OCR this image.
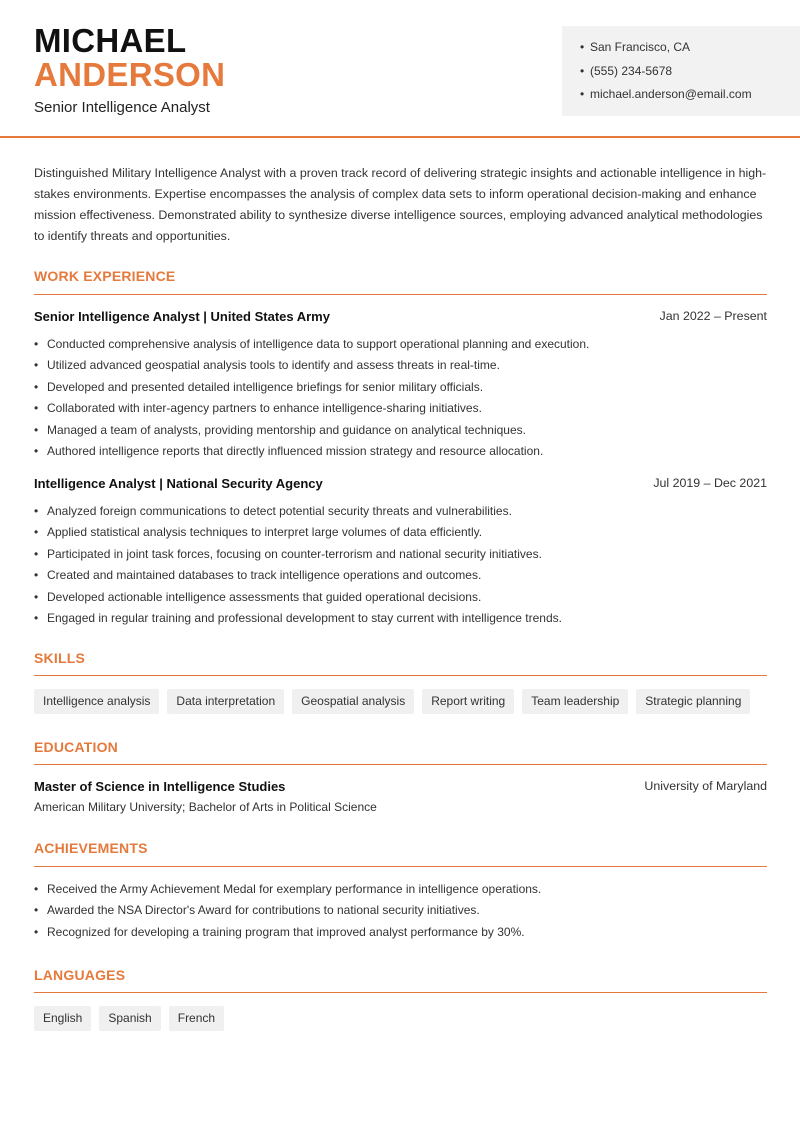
MICHAEL
ANDERSON
Senior Intelligence Analyst
• San Francisco, CA
• (555) 234-5678
• michael.anderson@email.com
Distinguished Military Intelligence Analyst with a proven track record of delivering strategic insights and actionable intelligence in high-stakes environments. Expertise encompasses the analysis of complex data sets to inform operational decision-making and enhance mission effectiveness. Demonstrated ability to synthesize diverse intelligence sources, employing advanced analytical methodologies to identify threats and opportunities.
WORK EXPERIENCE
Senior Intelligence Analyst | United States Army	Jan 2022 – Present
• Conducted comprehensive analysis of intelligence data to support operational planning and execution.
• Utilized advanced geospatial analysis tools to identify and assess threats in real-time.
• Developed and presented detailed intelligence briefings for senior military officials.
• Collaborated with inter-agency partners to enhance intelligence-sharing initiatives.
• Managed a team of analysts, providing mentorship and guidance on analytical techniques.
• Authored intelligence reports that directly influenced mission strategy and resource allocation.
Intelligence Analyst | National Security Agency	Jul 2019 – Dec 2021
• Analyzed foreign communications to detect potential security threats and vulnerabilities.
• Applied statistical analysis techniques to interpret large volumes of data efficiently.
• Participated in joint task forces, focusing on counter-terrorism and national security initiatives.
• Created and maintained databases to track intelligence operations and outcomes.
• Developed actionable intelligence assessments that guided operational decisions.
• Engaged in regular training and professional development to stay current with intelligence trends.
SKILLS
Intelligence analysis	Data interpretation	Geospatial analysis	Report writing	Team leadership	Strategic planning
EDUCATION
Master of Science in Intelligence Studies	University of Maryland
American Military University; Bachelor of Arts in Political Science
ACHIEVEMENTS
• Received the Army Achievement Medal for exemplary performance in intelligence operations.
• Awarded the NSA Director's Award for contributions to national security initiatives.
• Recognized for developing a training program that improved analyst performance by 30%.
LANGUAGES
English	Spanish	French
